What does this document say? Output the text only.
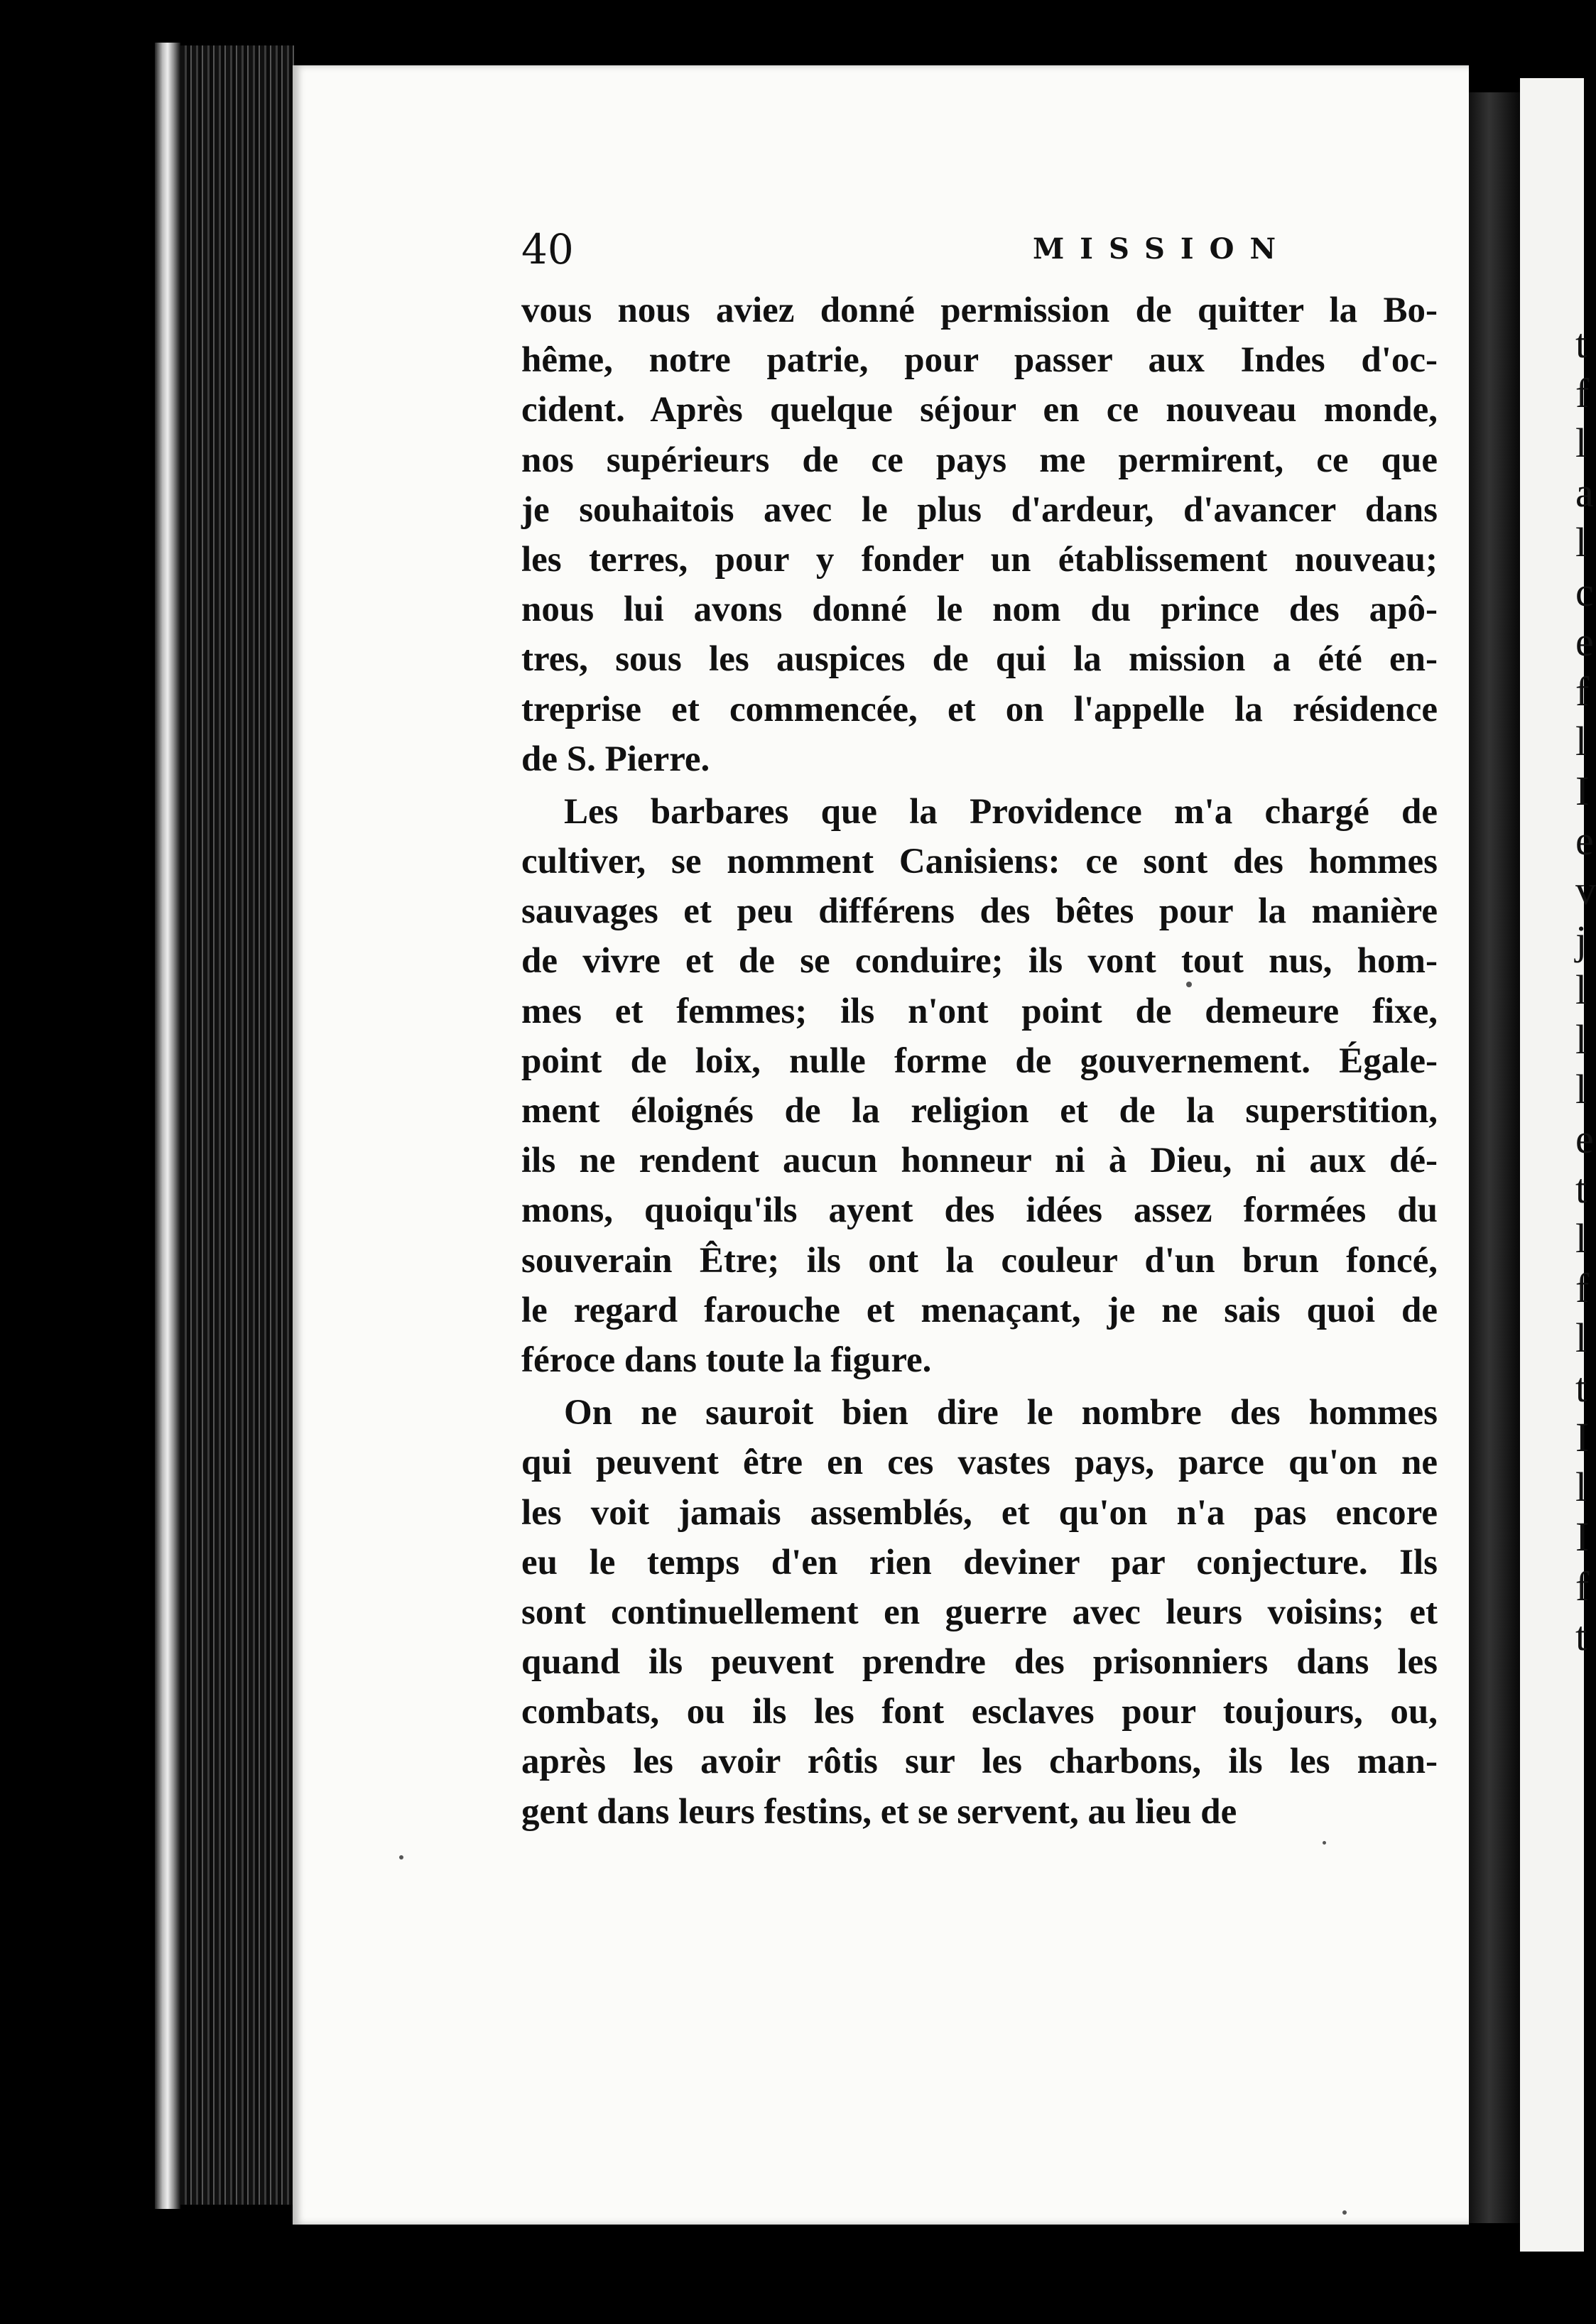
t
f
l
a
l
c
e
f
l
I
e
v
j
l
l
l
e
t
l
f
l
t
I
l
I
f
t
40	MISSION
vous nous aviez donné permission de quitter la Bo-
hême, notre patrie, pour passer aux Indes d'oc-
cident. Après quelque séjour en ce nouveau monde,
nos supérieurs de ce pays me permirent, ce que
je souhaitois avec le plus d'ardeur, d'avancer dans
les terres, pour y fonder un établissement nouveau;
nous lui avons donné le nom du prince des apô-
tres, sous les auspices de qui la mission a été en-
treprise et commencée, et on l'appelle la résidence
de S. Pierre.
Les barbares que la Providence m'a chargé de
cultiver, se nomment Canisiens: ce sont des hommes
sauvages et peu différens des bêtes pour la manière
de vivre et de se conduire; ils vont tout nus, hom-
mes et femmes; ils n'ont point de demeure fixe,
point de loix, nulle forme de gouvernement. Égale-
ment éloignés de la religion et de la superstition,
ils ne rendent aucun honneur ni à Dieu, ni aux dé-
mons, quoiqu'ils ayent des idées assez formées du
souverain Être; ils ont la couleur d'un brun foncé,
le regard farouche et menaçant, je ne sais quoi de
féroce dans toute la figure.
On ne sauroit bien dire le nombre des hommes
qui peuvent être en ces vastes pays, parce qu'on ne
les voit jamais assemblés, et qu'on n'a pas encore
eu le temps d'en rien deviner par conjecture. Ils
sont continuellement en guerre avec leurs voisins; et
quand ils peuvent prendre des prisonniers dans les
combats, ou ils les font esclaves pour toujours, ou,
après les avoir rôtis sur les charbons, ils les man-
gent dans leurs festins, et se servent, au lieu de
